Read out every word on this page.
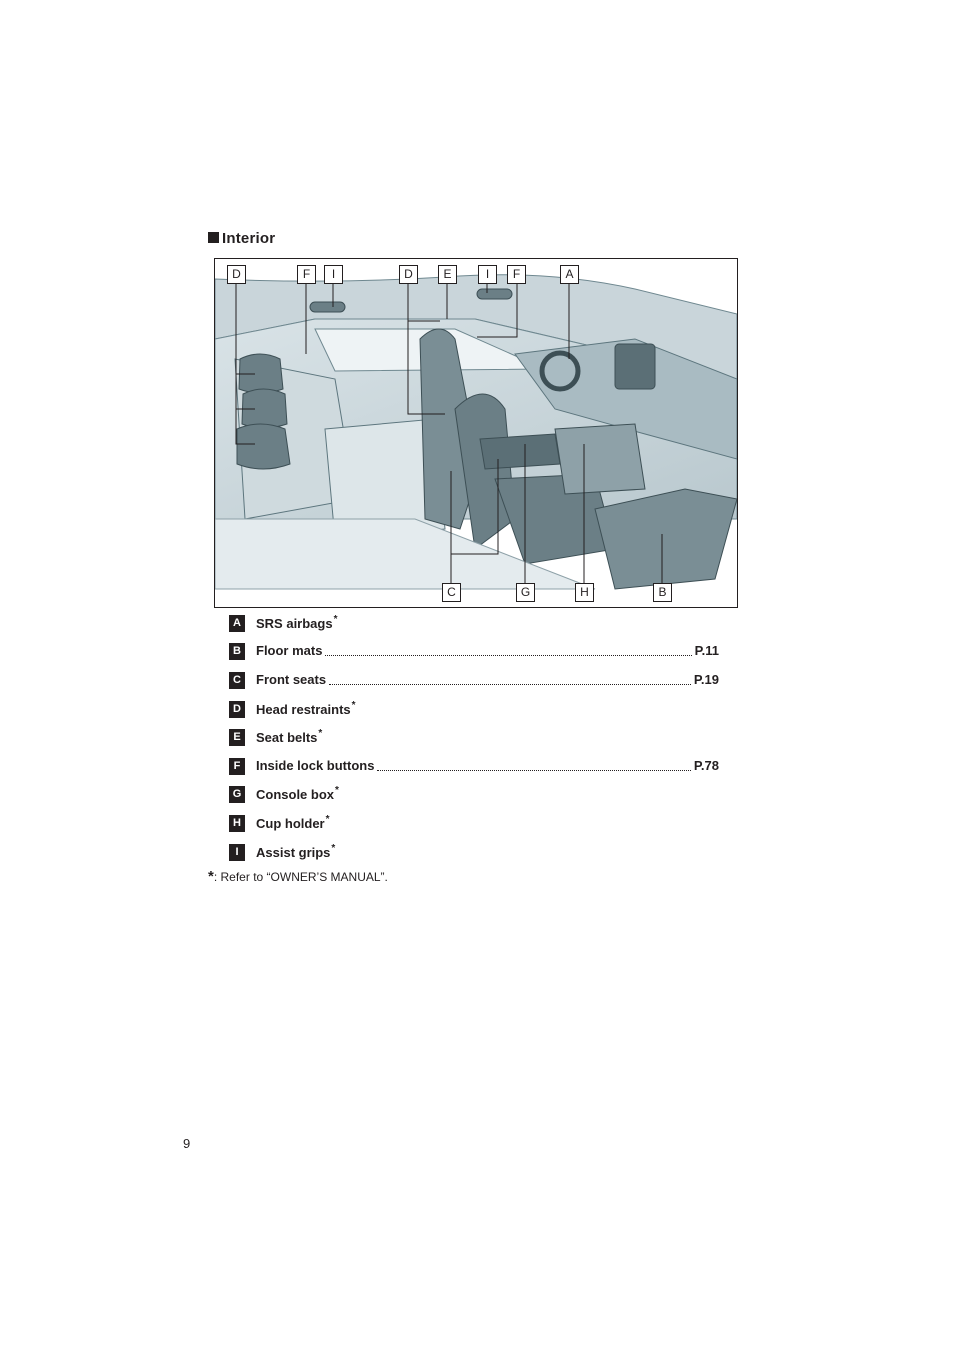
Interior
D	F	I	D	E	I	F	A
C	G	H	B
A	SRS airbags*
B	Floor mats	P.11
C	Front seats	P.19
D	Head restraints*
E	Seat belts*
F	Inside lock buttons	P.78
G Console box*
H	Cup holder*
I	Assist grips*
*: Refer to “OWNER’S MANUAL”.
9
